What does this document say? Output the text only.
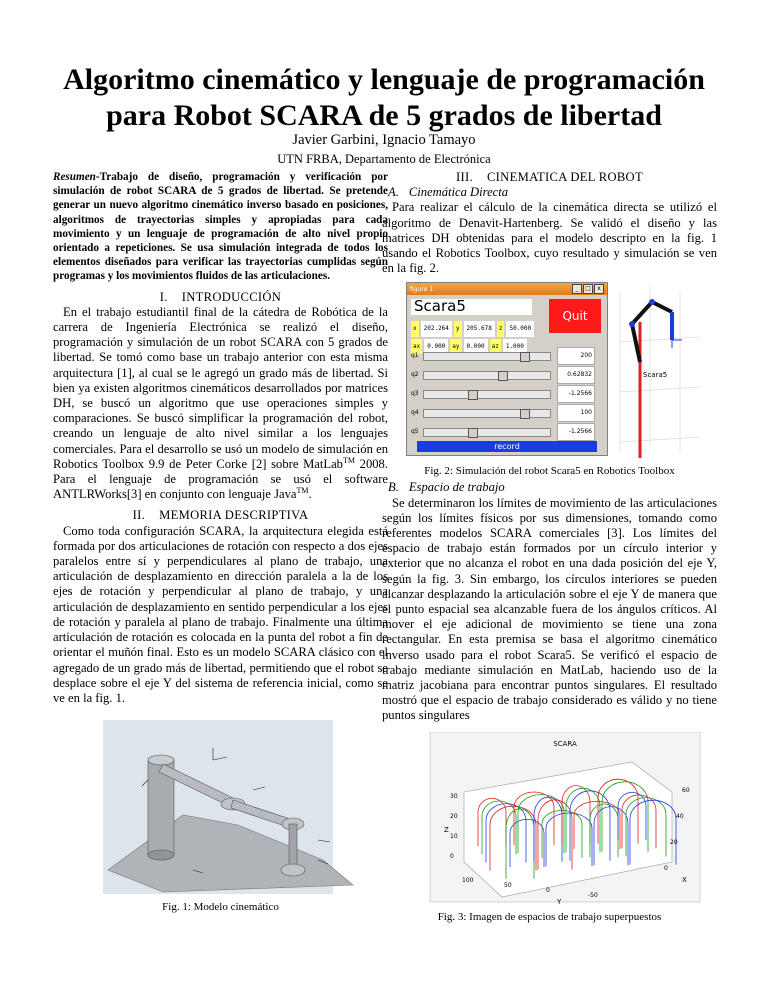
Algoritmo cinemático y lenguaje de programación
para Robot SCARA de 5 grados de libertad
Javier Garbini, Ignacio Tamayo
UTN FRBA, Departamento de Electrónica

Resumen-Trabajo de diseño, programación y verificación por simulación de robot SCARA de 5 grados de libertad. Se pretende generar un nuevo algoritmo cinemático inverso basado en posiciones, algoritmos de trayectorias simples y apropiadas para cada movimiento y un lenguaje de programación de alto nivel propio orientado a repeticiones. Se usa simulación integrada de todos los elementos diseñados para verificar las trayectorias cumplidas según programas y los movimientos fluidos de las articulaciones.

I. INTRODUCCIÓN

En el trabajo estudiantil final de la cátedra de Robótica de la carrera de Ingeniería Electrónica se realizó el diseño, programación y simulación de un robot SCARA con 5 grados de libertad. Se tomó como base un trabajo anterior con esta misma arquitectura [1], al cual se le agregó un grado más de libertad. Si bien ya existen algoritmos cinemáticos desarrollados por matrices DH, se buscó un algoritmo que use operaciones simples y comparaciones. Se buscó simplificar la programación del robot, creando un lenguaje de alto nivel similar a los lenguajes comerciales. Para el desarrollo se usó un modelo de simulación en Robotics Toolbox 9.9 de Peter Corke [2] sobre MatLab™ 2008. Para el lenguaje de programación se usó el software ANTLRWorks[3] en conjunto con lenguaje Java™.

II. MEMORIA DESCRIPTIVA

Como toda configuración SCARA, la arquitectura elegida está formada por dos articulaciones de rotación con respecto a dos ejes paralelos entre sí y perpendiculares al plano de trabajo, una articulación de desplazamiento en dirección paralela a la de los ejes de rotación y perpendicular al plano de trabajo, y una articulación de desplazamiento en sentido perpendicular a los ejes de rotación y paralela al plano de trabajo. Finalmente una última articulación de rotación es colocada en la punta del robot a fin de orientar el muñón final. Esto es un modelo SCARA clásico con el agregado de un grado más de libertad, permitiendo que el robot se desplace sobre el eje Y del sistema de referencia inicial, como se ve en la fig. 1.

Fig. 1: Modelo cinemático
III. CINEMATICA DEL ROBOT
A. Cinemática Directa

Para realizar el cálculo de la cinemática directa se utilizó el algoritmo de Denavit-Hartenberg. Se validó el diseño y las matrices DH obtenidas para el modelo descripto en la fig. 1 usando el Robotics Toolbox, cuyo resultado y simulación se ven en la fig. 2.

figure 1	_	□	x
Scara5
Quit
x	202.264	y	205.678	z	50.000
ax	0.000	ay	0.000	az	1.000
q1	200
q2	0.62832
q3	-1.2566
q4	100
q5	-1.2566
record
Scara5
Fig. 2: Simulación del robot Scara5 en Robotics Toolbox
B. Espacio de trabajo

Se determinaron los límites de movimiento de las articulaciones según los límites físicos por sus dimensiones, tomando como referentes modelos SCARA comerciales [3]. Los límites del espacio de trabajo están formados por un círculo interior y exterior que no alcanza el robot en una dada posición del eje Y, según la fig. 3. Sin embargo, los círculos interiores se pueden alcanzar desplazando la articulación sobre el eje Y de manera que el punto espacial sea alcanzable fuera de los ángulos críticos. Al mover el eje adicional de movimiento se tiene una zona rectangular. En esta premisa se basa el algoritmo cinemático inverso usado para el robot Scara5. Se verificó el espacio de trabajo mediante simulación en MatLab, haciendo uso de la matriz jacobiana para encontrar puntos singulares. El resultado mostró que el espacio de trabajo considerado es válido y no tiene puntos singulares

SCARA
30
20
10
0
100
50
0
-50
60
40
20
0
Z
Y
X
Fig. 3: Imagen de espacios de trabajo superpuestos
